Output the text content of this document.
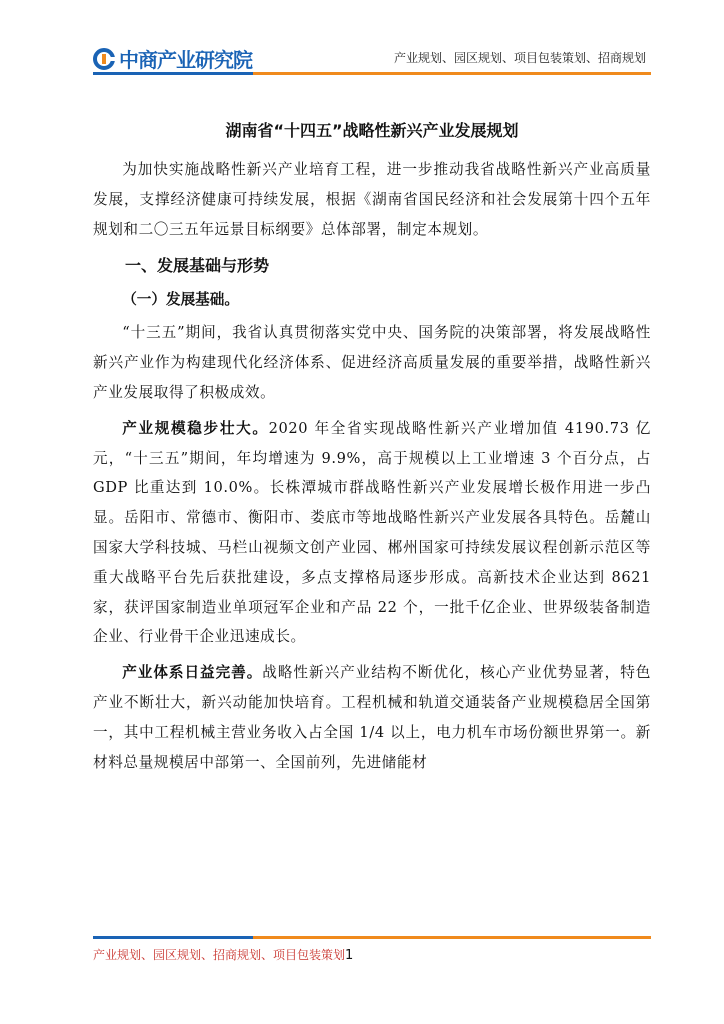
中商产业研究院	产业规划、园区规划、项目包装策划、招商规划
湖南省“十四五”战略性新兴产业发展规划

为加快实施战略性新兴产业培育工程，进一步推动我省战略性新兴产业高质量发展，支撑经济健康可持续发展，根据《湖南省国民经济和社会发展第十四个五年规划和二〇三五年远景目标纲要》总体部署，制定本规划。

一、发展基础与形势
（一）发展基础。

“十三五”期间，我省认真贯彻落实党中央、国务院的决策部署，将发展战略性新兴产业作为构建现代化经济体系、促进经济高质量发展的重要举措，战略性新兴产业发展取得了积极成效。

产业规模稳步壮大。2020 年全省实现战略性新兴产业增加值 4190.73 亿元，“十三五”期间，年均增速为 9.9%，高于规模以上工业增速 3 个百分点，占 GDP 比重达到 10.0%。长株潭城市群战略性新兴产业发展增长极作用进一步凸显。岳阳市、常德市、衡阳市、娄底市等地战略性新兴产业发展各具特色。岳麓山国家大学科技城、马栏山视频文创产业园、郴州国家可持续发展议程创新示范区等重大战略平台先后获批建设，多点支撑格局逐步形成。高新技术企业达到 8621 家，获评国家制造业单项冠军企业和产品 22 个，一批千亿企业、世界级装备制造企业、行业骨干企业迅速成长。

产业体系日益完善。战略性新兴产业结构不断优化，核心产业优势显著，特色产业不断壮大，新兴动能加快培育。工程机械和轨道交通装备产业规模稳居全国第一，其中工程机械主营业务收入占全国 1/4 以上，电力机车市场份额世界第一。新材料总量规模居中部第一、全国前列，先进储能材

产业规划、园区规划、招商规划、项目包装策划1
